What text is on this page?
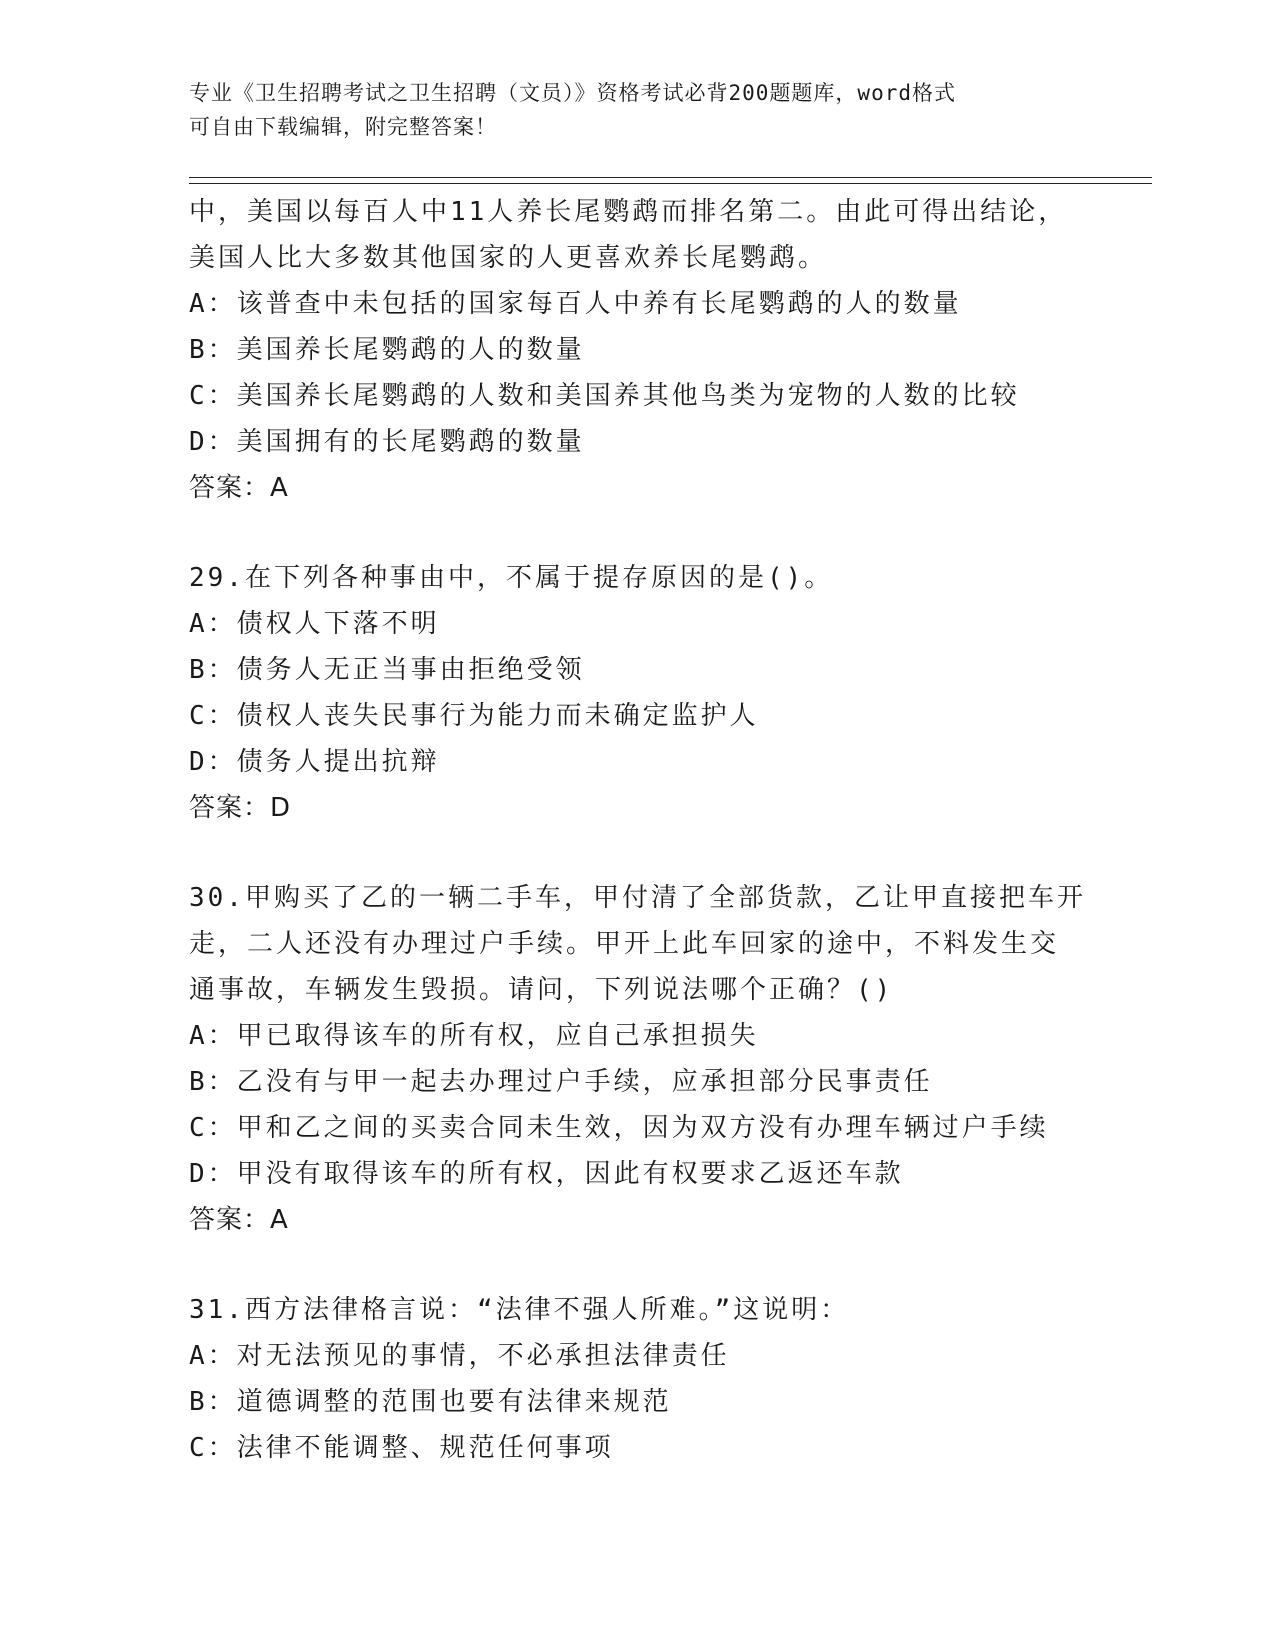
专业《卫生招聘考试之卫生招聘（文员）》资格考试必背200题题库，word格式
可自由下载编辑，附完整答案！
中，美国以每百人中11人养长尾鹦鹉而排名第二。由此可得出结论，
美国人比大多数其他国家的人更喜欢养长尾鹦鹉。
A：该普查中未包括的国家每百人中养有长尾鹦鹉的人的数量
B：美国养长尾鹦鹉的人的数量
C：美国养长尾鹦鹉的人数和美国养其他鸟类为宠物的人数的比较
D：美国拥有的长尾鹦鹉的数量
答案：A
29.在下列各种事由中，不属于提存原因的是()。
A：债权人下落不明
B：债务人无正当事由拒绝受领
C：债权人丧失民事行为能力而未确定监护人
D：债务人提出抗辩
答案：D
30.甲购买了乙的一辆二手车，甲付清了全部货款，乙让甲直接把车开
走，二人还没有办理过户手续。甲开上此车回家的途中，不料发生交
通事故，车辆发生毁损。请问，下列说法哪个正确？()
A：甲已取得该车的所有权，应自己承担损失
B：乙没有与甲一起去办理过户手续，应承担部分民事责任
C：甲和乙之间的买卖合同未生效，因为双方没有办理车辆过户手续
D：甲没有取得该车的所有权，因此有权要求乙返还车款
答案：A
31.西方法律格言说：“法律不强人所难。”这说明：
A：对无法预见的事情，不必承担法律责任
B：道德调整的范围也要有法律来规范
C：法律不能调整、规范任何事项
